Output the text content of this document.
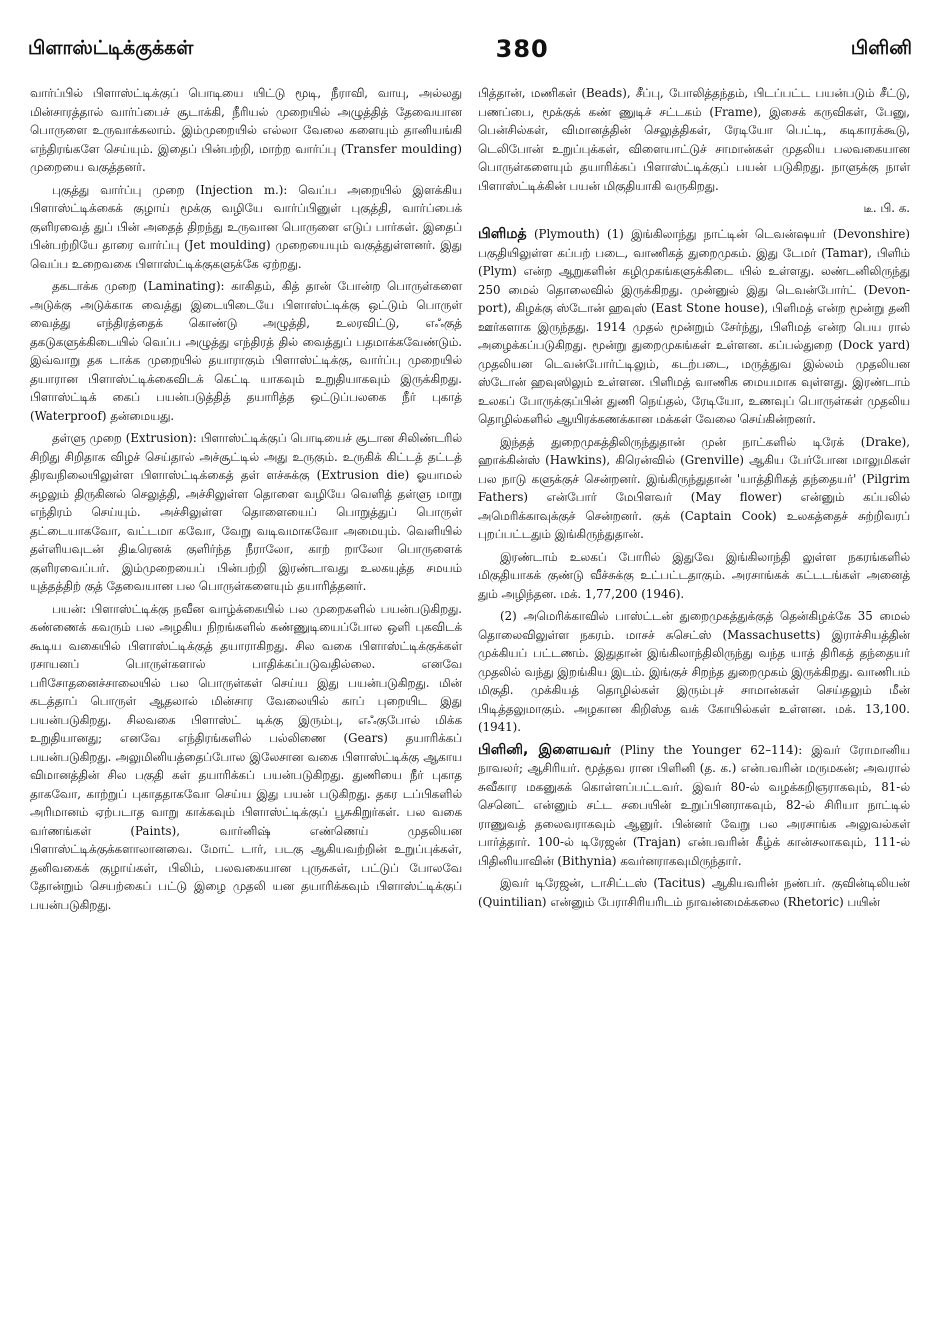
பிளாஸ்ட்டிக்குக்கள்	380	பிளினி

வார்ப்பில் பிளாஸ்ட்டிக்குப் பொடியை யிட்டு மூடி, நீராவி, வாயு, அல்லது மின்சாரத்தால் வார்ப்பைச் சூடாக்கி, நீரியல் முறையில் அழுத்தித் தேவையான பொருளை உருவாக்கலாம். இம்முறையில் எல்லா வேலை களையும் தானியங்கி எந்திரங்களே செய்யும். இதைப் பின்பற்றி, மாற்ற வார்ப்பு (Transfer moulding) முறையை வகுத்தனர்.

புகுத்து வார்ப்பு முறை (Injection m.): வெப்ப அறையில் இளக்கிய பிளாஸ்ட்டிக்கைக் குழாய் மூக்கு வழியே வார்ப்பினுள் புகுத்தி, வார்ப்பைக் குளிரவைத் துப் பின் அதைத் திறந்து உருவான பொருளை எடுப் பார்கள். இதைப் பின்பற்றியே தாரை வார்ப்பு (Jet moulding) முறையையும் வகுத்துள்ளனர். இது வெப்ப உறைவகை பிளாஸ்ட்டிக்குகளுக்கே ஏற்றது.

தகடாக்க முறை (Laminating): காகிதம், கித் தான் போன்ற பொருள்களை அடுக்கு அடுக்காக வைத்து இடையிடையே பிளாஸ்ட்டிக்கு ஒட்டும் பொருள் வைத்து எந்திரத்தைக் கொண்டு அழுத்தி, உலரவிட்டு, எஃகுத் தகடுகளுக்கிடையில் வெப்ப அழுத்து எந்திரத் தில் வைத்துப் பதமாக்கவேண்டும். இவ்வாறு தக டாக்க முறையில் தயாராகும் பிளாஸ்ட்டிக்கு, வார்ப்பு முறையில் தயாரான பிளாஸ்ட்டிக்கைவிடக் கெட்டி யாகவும் உறுதியாகவும் இருக்கிறது. பிளாஸ்ட்டிக் கைப் பயன்படுத்தித் தயாரித்த ஒட்டுப்பலகை நீர் புகாத் (Waterproof) தன்மையது.

தள்ளு முறை (Extrusion): பிளாஸ்ட்டிக்குப் பொடியைச் சூடான சிலிண்டரில் சிறிது சிறிதாக விழச் செய்தால் அச்சூட்டில் அது உருகும். உருகிக் கிட்டத் தட்டத் திரவநிலையிலுள்ள பிளாஸ்ட்டிக்கைத் தள் ளச்சுக்கு (Extrusion die) ஓயாமல் சுழலும் திருகினல் செலுத்தி, அச்சிலுள்ள தொளை வழியே வெளித் தள்ளு மாறு எந்திரம் செய்யும். அச்சிலுள்ள தொளையைப் பொறுத்துப் பொருள் தட்டையாகவோ, வட்டமா கவோ, வேறு வடிவமாகவோ அமையும். வெளியில் தள்ளியவுடன் திடீரெனக் குளிர்ந்த நீராலோ, காற் றாலோ பொருளைக் குளிரவைப்பர். இம்முறையைப் பின்பற்றி இரண்டாவது உலகயுத்த சமயம் யுத்தத்திற் குத் தேவையான பல பொருள்களையும் தயாரித்தனர்.

பயன்: பிளாஸ்ட்டிக்கு நவீன வாழ்க்கையில் பல முறைகளில் பயன்படுகிறது. கண்ணைக் கவரும் பல அழகிய நிறங்களில் கண்ணுடியைப்போல ஒளி புகவிடக் கூடிய வகையில் பிளாஸ்ட்டிக்குத் தயாராகிறது. சில வகை பிளாஸ்ட்டிக்குக்கள் ரசாயனப் பொருள்களால் பாதிக்கப்படுவதில்லை. எனவே பரிசோதனைச்சாலையில் பல பொருள்கள் செய்ய இது பயன்படுகிறது. மின் கடத்தாப் பொருள் ஆதலால் மின்சார வேலையில் காப் புறையிட இது பயன்படுகிறது. சிலவகை பிளாஸ்ட் டிக்கு இரும்பு, எஃகுபோல் மிக்க உறுதியானது; எனவே எந்திரங்களில் பல்லிணை (Gears) தயாரிக்கப் பயன்படுகிறது. அலுமினியத்தைப்போல இலேசான வகை பிளாஸ்ட்டிக்கு ஆகாய விமானத்தின் சில பகுதி கள் தயாரிக்கப் பயன்படுகிறது. துணியை நீர் புகாத தாகவோ, காற்றுப் புகாததாகவோ செய்ய இது பயன் படுகிறது. தகர டப்பிகளில் அரிமானம் ஏற்படாத வாறு காக்கவும் பிளாஸ்ட்டிக்குப் பூசுகிறுர்கள். பல வகை வர்ணங்கள் (Paints), வார்னிஷ் எண்ணெய் முதலியன பிளாஸ்ட்டிக்குக்களாலானவை. மோட் டார், படகு ஆகியவற்றின் உறுப்புக்கள், தனிவகைக் குழாய்கள், பிலிம், பலவகையான புருசுகள், பட்டுப் போலவே தோன்றும் செயற்கைப் பட்டு இழை முதலி யன தயாரிக்கவும் பிளாஸ்ட்டிக்குப் பயன்படுகிறது.

பித்தான், மணிகள் (Beads), சீப்பு, போலித்தந்தம், பிடப்பட்ட பயன்படும் சீட்டு, பணப்பை, மூக்குக் கண் ணுடிச் சட்டகம் (Frame), இசைக் கருவிகள், பேனு, பென்சில்கள், விமானத்தின் செலுத்திகள், ரேடியோ பெட்டி, கடிகாரக்கூடு, டெலிபோன் உறுப்புக்கள், விளையாட்டுச் சாமான்கள் முதலிய பலவகையான பொருள்களையும் தயாரிக்கப் பிளாஸ்ட்டிக்குப் பயன் படுகிறது. நாளுக்கு நாள் பிளாஸ்ட்டிக்கின் பயன் மிகுதியாகி வருகிறது.

டீ. பி. க.

பிளிமத் (Plymouth) (1) இங்கிலாந்து நாட்டின் டெவன்ஷயர் (Devonshire) பகுதியிலுள்ள கப்பற் படை, வாணிகத் துறைமுகம். இது டேமர் (Tamar), பிளிம் (Plym) என்ற ஆறுகளின் கழிமுகங்களுக்கிடை யில் உள்ளது. லண்டனிலிருந்து 250 மைல் தொலைவில் இருக்கிறது. முன்னுல் இது டெவன்போர்ட் (Devon- port), கிழக்கு ஸ்டோன் ஹவுஸ் (East Stone house), பிளிமத் என்ற மூன்று தனி ஊர்களாக இருந்தது. 1914 முதல் மூன்றும் சேர்ந்து, பிளிமத் என்ற பெய ரால் அழைக்கப்படுகிறது. மூன்று துறைமுகங்கள் உள்ளன. கப்பல்துறை (Dock yard) முதலியன டெவன்போர்ட்டிலும், கடற்படை, மருத்துவ இல்லம் முதலியன ஸ்டோன் ஹவுஸிலும் உள்ளன. பிளிமத் வாணிக மையமாக வுள்ளது. இரண்டாம் உலகப் போருக்குப்பின் துணி நெய்தல், ரேடியோ, உணவுப் பொருள்கள் முதலிய தொழில்களில் ஆயிரக்கணக்கான மக்கள் வேலை செய்கின்றனர்.

இந்தத் துறைமுகத்திலிருந்துதான் முன் நாட்களில் டிரேக் (Drake), ஹாக்கின்ஸ் (Hawkins), கிரென்வில் (Grenville) ஆகிய பேர்போன மாலுமிகள் பல நாடு களுக்குச் சென்றனர். இங்கிருந்துதான் 'யாத்திரிகத் தந்தையர்' (Pilgrim Fathers) என்போர் மேபிளவர் (May flower) என்னும் கப்பலில் அமெரிக்காவுக்குச் சென்றனர். குக் (Captain Cook) உலகத்தைச் சுற்றிவரப் புறப்பட்டதும் இங்கிருந்துதான்.

இரண்டாம் உலகப் போரில் இதுவே இங்கிலாந்தி லுள்ள நகரங்களில் மிகுதியாகக் குண்டு வீச்சுக்கு உட்பட்டதாகும். அரசாங்கக் கட்டடங்கள் அனைத் தும் அழிந்தன. மக். 1,77,200 (1946).

(2) அமெரிக்காவில் பாஸ்ட்டன் துறைமுகத்துக்குத் தென்கிழக்கே 35 மைல் தொலைவிலுள்ள நகரம். மாசச் சுசெட்ஸ் (Massachusetts) இராச்சியத்தின் முக்கியப் பட்டணம். இதுதான் இங்கிலாந்திலிருந்து வந்த யாத் திரிகத் தந்தையர் முதலில் வந்து இறங்கிய இடம். இங்குச் சிறந்த துறைமுகம் இருக்கிறது. வாணிபம் மிகுதி. முக்கியத் தொழில்கள் இரும்புச் சாமான்கள் செய்தலும் மீன் பிடித்தலுமாகும். அழகான கிறிஸ்த வக் கோயில்கள் உள்ளன. மக். 13,100. (1941).

பிளினி, இளையவர் (Pliny the Younger 62–114): இவர் ரோமானிய நாவலர்; ஆசிரியர். மூத்தவ ரான பிளினி (த. க.) என்பவரின் மருமகன்; அவரால் சுவீகார மகனுகக் கொள்ளப்பட்டவர். இவர் 80-ல் வழக்கறிஞராகவும், 81-ல் செனெட் என்னும் சட்ட சபையின் உறுப்பினராகவும், 82-ல் சிரியா நாட்டில் ராணுவத் தலைவராகவும் ஆனுர். பின்னர் வேறு பல அரசாங்க அலுவல்கள் பார்த்தார். 100-ல் டிரேஜன் (Trajan) என்பவரின் கீழ்க் கான்சலாகவும், 111-ல் பிதினியாவின் (Bithynia) கவர்னராகவுமிருந்தார்.

இவர் டிரேஜன், டாசிட்டஸ் (Tacitus) ஆகியவரின் நண்பர். குவின்டிலியன் (Quintilian) என்னும் பேராசிரியரிடம் நாவன்மைக்கலை (Rhetoric) பயின்
